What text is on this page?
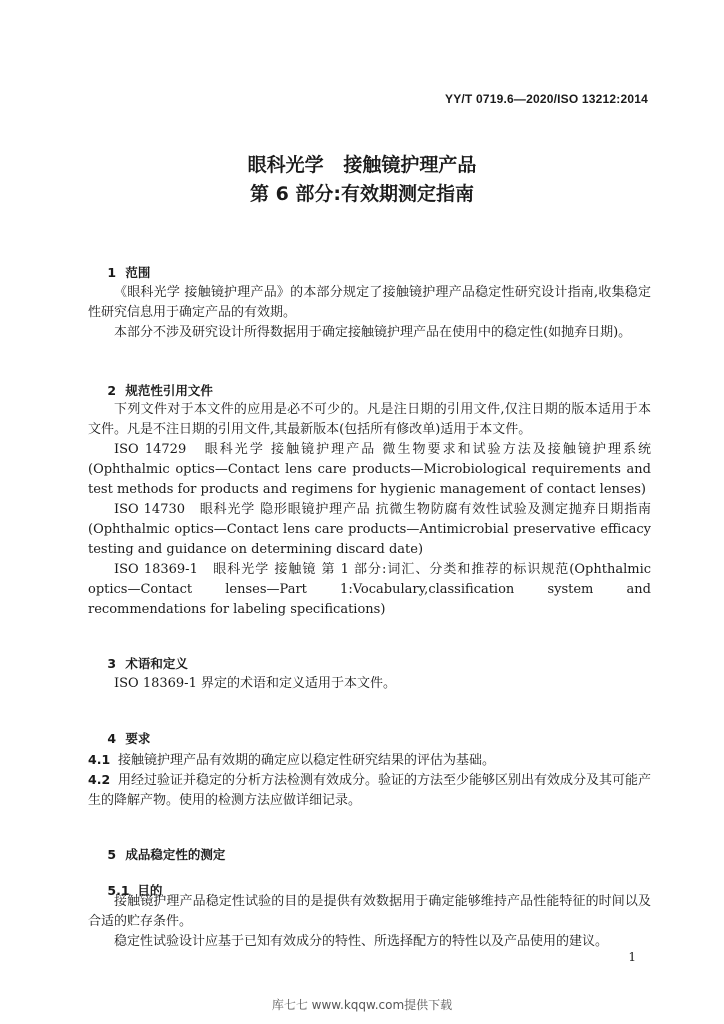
YY/T 0719.6—2020/ISO 13212:2014
眼科光学   接触镜护理产品
第 6 部分:有效期测定指南

1 范围

《眼科光学 接触镜护理产品》的本部分规定了接触镜护理产品稳定性研究设计指南,收集稳定性研究信息用于确定产品的有效期。
本部分不涉及研究设计所得数据用于确定接触镜护理产品在使用中的稳定性(如抛弃日期)。

2 规范性引用文件

下列文件对于本文件的应用是必不可少的。凡是注日期的引用文件,仅注日期的版本适用于本文件。凡是不注日期的引用文件,其最新版本(包括所有修改单)适用于本文件。
ISO 14729 眼科光学 接触镜护理产品 微生物要求和试验方法及接触镜护理系统(Ophthalmic optics—Contact lens care products—Microbiological requirements and test methods for products and regimens for hygienic management of contact lenses)
ISO 14730 眼科光学 隐形眼镜护理产品 抗微生物防腐有效性试验及测定抛弃日期指南(Ophthalmic optics—Contact lens care products—Antimicrobial preservative efficacy testing and guidance on determining discard date)
ISO 18369-1 眼科光学 接触镜 第 1 部分:词汇、分类和推荐的标识规范(Ophthalmic optics—Contact lenses—Part 1:Vocabulary,classification system and recommendations for labeling specifications)

3 术语和定义

ISO 18369-1 界定的术语和定义适用于本文件。

4 要求

4.1 接触镜护理产品有效期的确定应以稳定性研究结果的评估为基础。
4.2 用经过验证并稳定的分析方法检测有效成分。验证的方法至少能够区别出有效成分及其可能产生的降解产物。使用的检测方法应做详细记录。

5 成品稳定性的测定

5.1 目的

接触镜护理产品稳定性试验的目的是提供有效数据用于确定能够维持产品性能特征的时间以及合适的贮存条件。
稳定性试验设计应基于已知有效成分的特性、所选择配方的特性以及产品使用的建议。
1
库七七 www.kqqw.com提供下载
